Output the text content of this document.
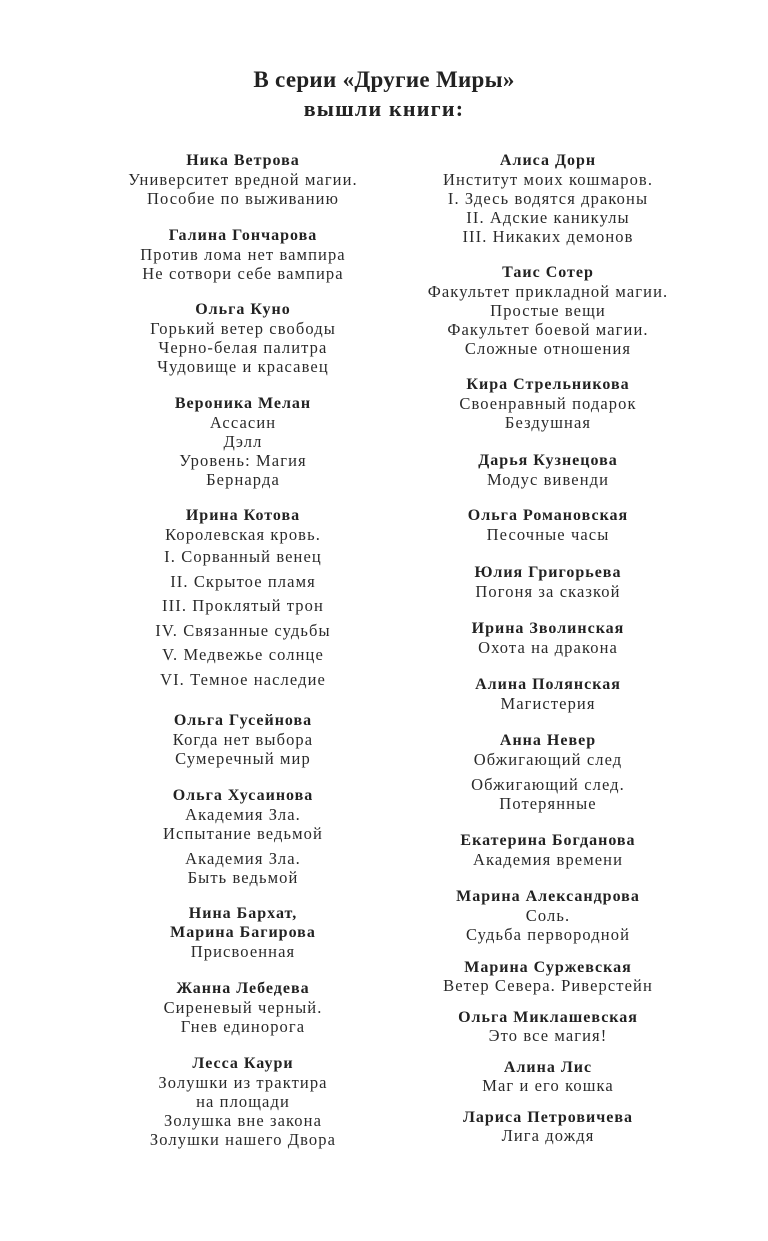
В серии «Другие Миры»
вышли книги:
Ника Ветрова
Университет вредной магии.
Пособие по выживанию
Галина Гончарова
Против лома нет вампира
Не сотвори себе вампира
Ольга Куно
Горький ветер свободы
Черно-белая палитра
Чудовище и красавец
Вероника Мелан
Ассасин
Дэлл
Уровень: Магия
Бернарда
Ирина Котова
Королевская кровь.
I. Сорванный венец
II. Скрытое пламя
III. Проклятый трон
IV. Связанные судьбы
V. Медвежье солнце
VI. Темное наследие
Ольга Гусейнова
Когда нет выбора
Сумеречный мир
Ольга Хусаинова
Академия Зла.
Испытание ведьмой
Академия Зла.
Быть ведьмой
Нина Бархат,
Марина Багирова
Присвоенная
Жанна Лебедева
Сиреневый черный.
Гнев единорога
Лесса Каури
Золушки из трактира
на площади
Золушка вне закона
Золушки нашего Двора
Алиса Дорн
Институт моих кошмаров.
I. Здесь водятся драконы
II. Адские каникулы
III. Никаких демонов
Таис Сотер
Факультет прикладной магии.
Простые вещи
Факультет боевой магии.
Сложные отношения
Кира Стрельникова
Своенравный подарок
Бездушная
Дарья Кузнецова
Модус вивенди
Ольга Романовская
Песочные часы
Юлия Григорьева
Погоня за сказкой
Ирина Зволинская
Охота на дракона
Алина Полянская
Магистерия
Анна Невер
Обжигающий след
Обжигающий след.
Потерянные
Екатерина Богданова
Академия времени
Марина Александрова
Соль.
Судьба первородной
Марина Суржевская
Ветер Севера. Риверстейн
Ольга Миклашевская
Это все магия!
Алина Лис
Маг и его кошка
Лариса Петровичева
Лига дождя
